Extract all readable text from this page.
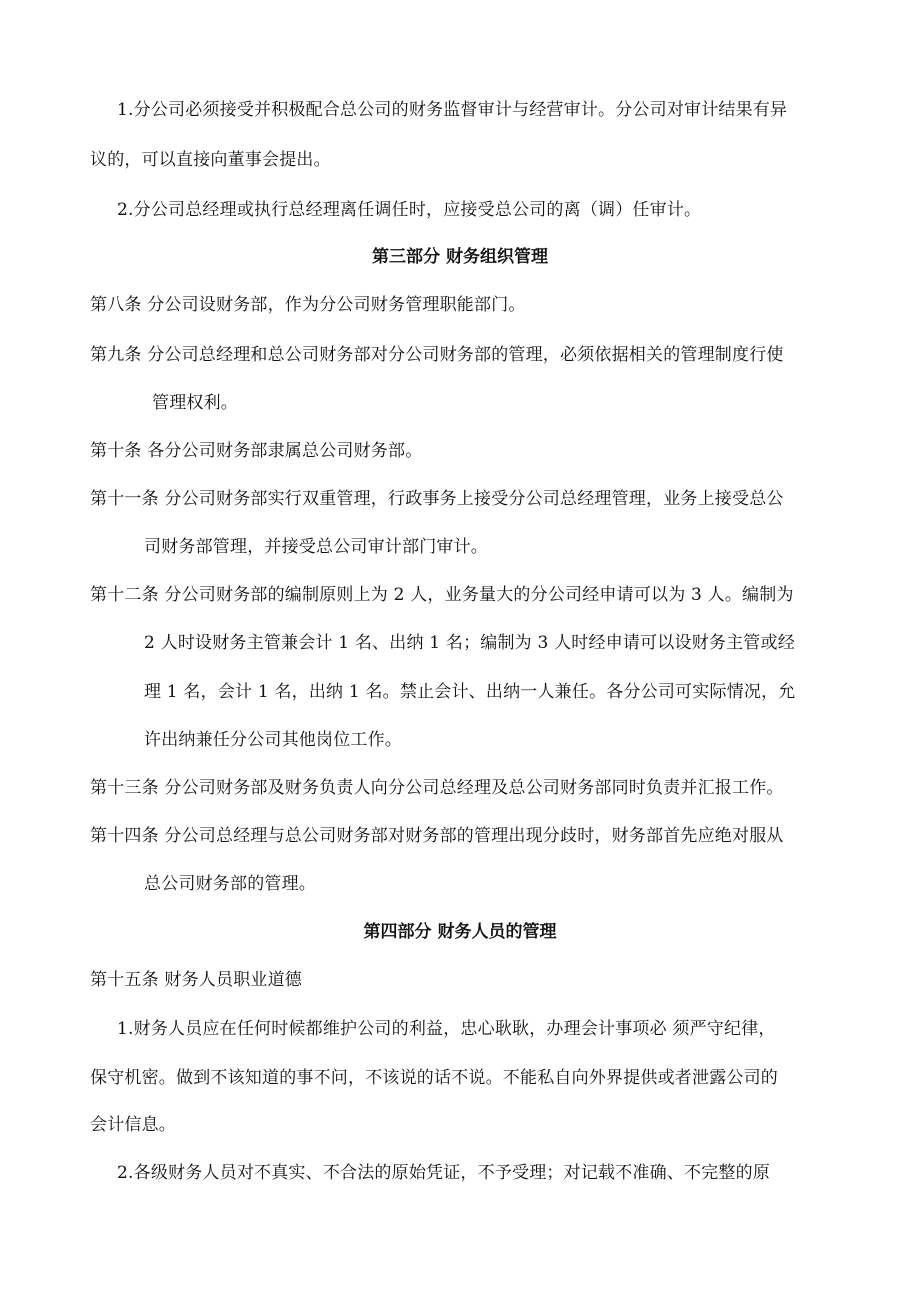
1.分公司必须接受并积极配合总公司的财务监督审计与经营审计。分公司对审计结果有异
议的，可以直接向董事会提出。
2.分公司总经理或执行总经理离任调任时，应接受总公司的离（调）任审计。
第三部分 财务组织管理
第八条 分公司设财务部，作为分公司财务管理职能部门。
第九条 分公司总经理和总公司财务部对分公司财务部的管理，必须依据相关的管理制度行使
管理权利。
第十条 各分公司财务部隶属总公司财务部。
第十一条 分公司财务部实行双重管理，行政事务上接受分公司总经理管理，业务上接受总公
司财务部管理，并接受总公司审计部门审计。
第十二条 分公司财务部的编制原则上为 2 人，业务量大的分公司经申请可以为 3 人。编制为
2 人时设财务主管兼会计 1 名、出纳 1 名；编制为 3 人时经申请可以设财务主管或经
理 1 名，会计 1 名，出纳 1 名。禁止会计、出纳一人兼任。各分公司可实际情况，允
许出纳兼任分公司其他岗位工作。
第十三条 分公司财务部及财务负责人向分公司总经理及总公司财务部同时负责并汇报工作。
第十四条 分公司总经理与总公司财务部对财务部的管理出现分歧时，财务部首先应绝对服从
总公司财务部的管理。
第四部分 财务人员的管理
第十五条 财务人员职业道德
1.财务人员应在任何时候都维护公司的利益，忠心耿耿，办理会计事项必 须严守纪律，
保守机密。做到不该知道的事不问，不该说的话不说。不能私自向外界提供或者泄露公司的
会计信息。
2.各级财务人员对不真实、不合法的原始凭证，不予受理；对记载不准确、不完整的原
